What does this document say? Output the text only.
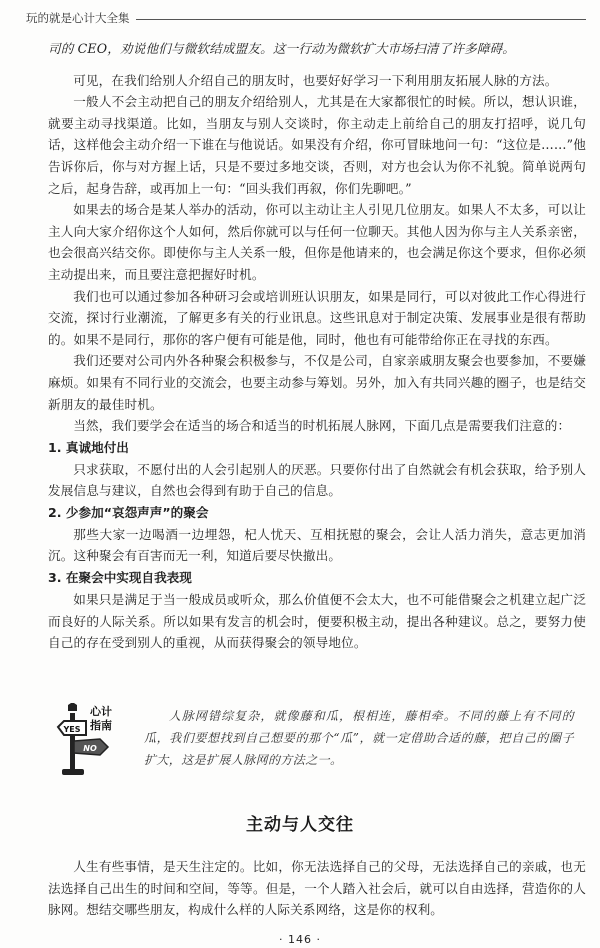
玩的就是心计大全集

司的 CEO，劝说他们与微软结成盟友。这一行动为微软扩大市场扫清了许多障碍。

可见，在我们给别人介绍自己的朋友时，也要好好学习一下利用朋友拓展人脉的方法。

一般人不会主动把自己的朋友介绍给别人，尤其是在大家都很忙的时候。所以，想认识谁，就要主动寻找渠道。比如，当朋友与别人交谈时，你主动走上前给自己的朋友打招呼，说几句话，这样他会主动介绍一下谁在与他说话。如果没有介绍，你可冒昧地问一句：“这位是……”他告诉你后，你与对方握上话，只是不要过多地交谈，否则，对方也会认为你不礼貌。简单说两句之后，起身告辞，或再加上一句：“回头我们再叙，你们先聊吧。”

如果去的场合是某人举办的活动，你可以主动让主人引见几位朋友。如果人不太多，可以让主人向大家介绍你这个人如何，然后你就可以与任何一位聊天。其他人因为你与主人关系亲密，也会很高兴结交你。即使你与主人关系一般，但你是他请来的，也会满足你这个要求，但你必须主动提出来，而且要注意把握好时机。

我们也可以通过参加各种研习会或培训班认识朋友，如果是同行，可以对彼此工作心得进行交流，探讨行业潮流，了解更多有关的行业讯息。这些讯息对于制定决策、发展事业是很有帮助的。如果不是同行，那你的客户便有可能是他，同时，他也有可能带给你正在寻找的东西。

我们还要对公司内外各种聚会积极参与，不仅是公司，自家亲戚朋友聚会也要参加，不要嫌麻烦。如果有不同行业的交流会，也要主动参与筹划。另外，加入有共同兴趣的圈子，也是结交新朋友的最佳时机。

当然，我们要学会在适当的场合和适当的时机拓展人脉网，下面几点是需要我们注意的：

1. 真诚地付出

只求获取，不愿付出的人会引起别人的厌恶。只要你付出了自然就会有机会获取，给予别人发展信息与建议，自然也会得到有助于自己的信息。

2. 少参加“哀怨声声”的聚会

那些大家一边喝酒一边埋怨，杞人忧天、互相抚慰的聚会，会让人活力消失，意志更加消沉。这种聚会有百害而无一利，知道后要尽快撤出。

3. 在聚会中实现自我表现

如果只是满足于当一般成员或听众，那么价值便不会太大，也不可能借聚会之机建立起广泛而良好的人际关系。所以如果有发言的机会时，便要积极主动，提出各种建议。总之，要努力使自己的存在受到别人的重视，从而获得聚会的领导地位。

YES
NO
心计
指南
人脉网错综复杂，就像藤和瓜，根相连，藤相牵。不同的藤上有不同的瓜，我们要想找到自己想要的那个“瓜”，就一定借助合适的藤，把自己的圈子扩大，这是扩展人脉网的方法之一。
主动与人交往

人生有些事情，是天生注定的。比如，你无法选择自己的父母，无法选择自己的亲戚，也无法选择自己出生的时间和空间，等等。但是，一个人踏入社会后，就可以自由选择，营造你的人脉网。想结交哪些朋友，构成什么样的人际关系网络，这是你的权利。

· 146 ·
